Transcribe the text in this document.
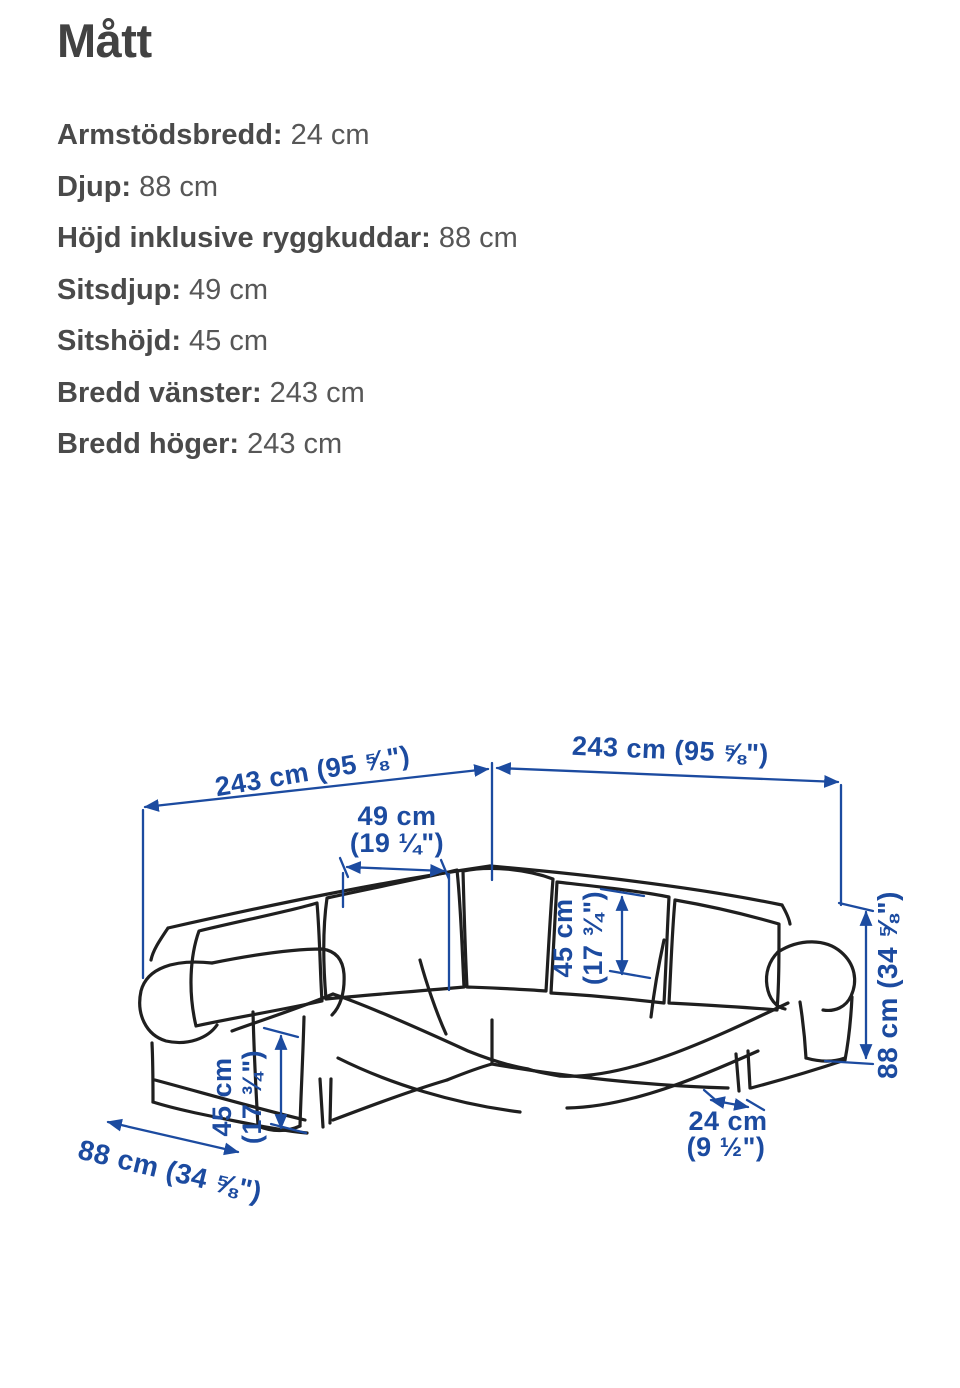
Mått
Armstödsbredd: 24 cm
Djup: 88 cm
Höjd inklusive ryggkuddar: 88 cm
Sitsdjup: 49 cm
Sitshöjd: 45 cm
Bredd vänster: 243 cm
Bredd höger: 243 cm
243 cm (95 ⅝")	243 cm (95 ⅝")
49 cm
(19 ¼")
45 cm (17 ¾")	88 cm (34 ⅝")
45 cm (17 ¾")
88 cm (34 ⅝")
24 cm
(9 ½")
